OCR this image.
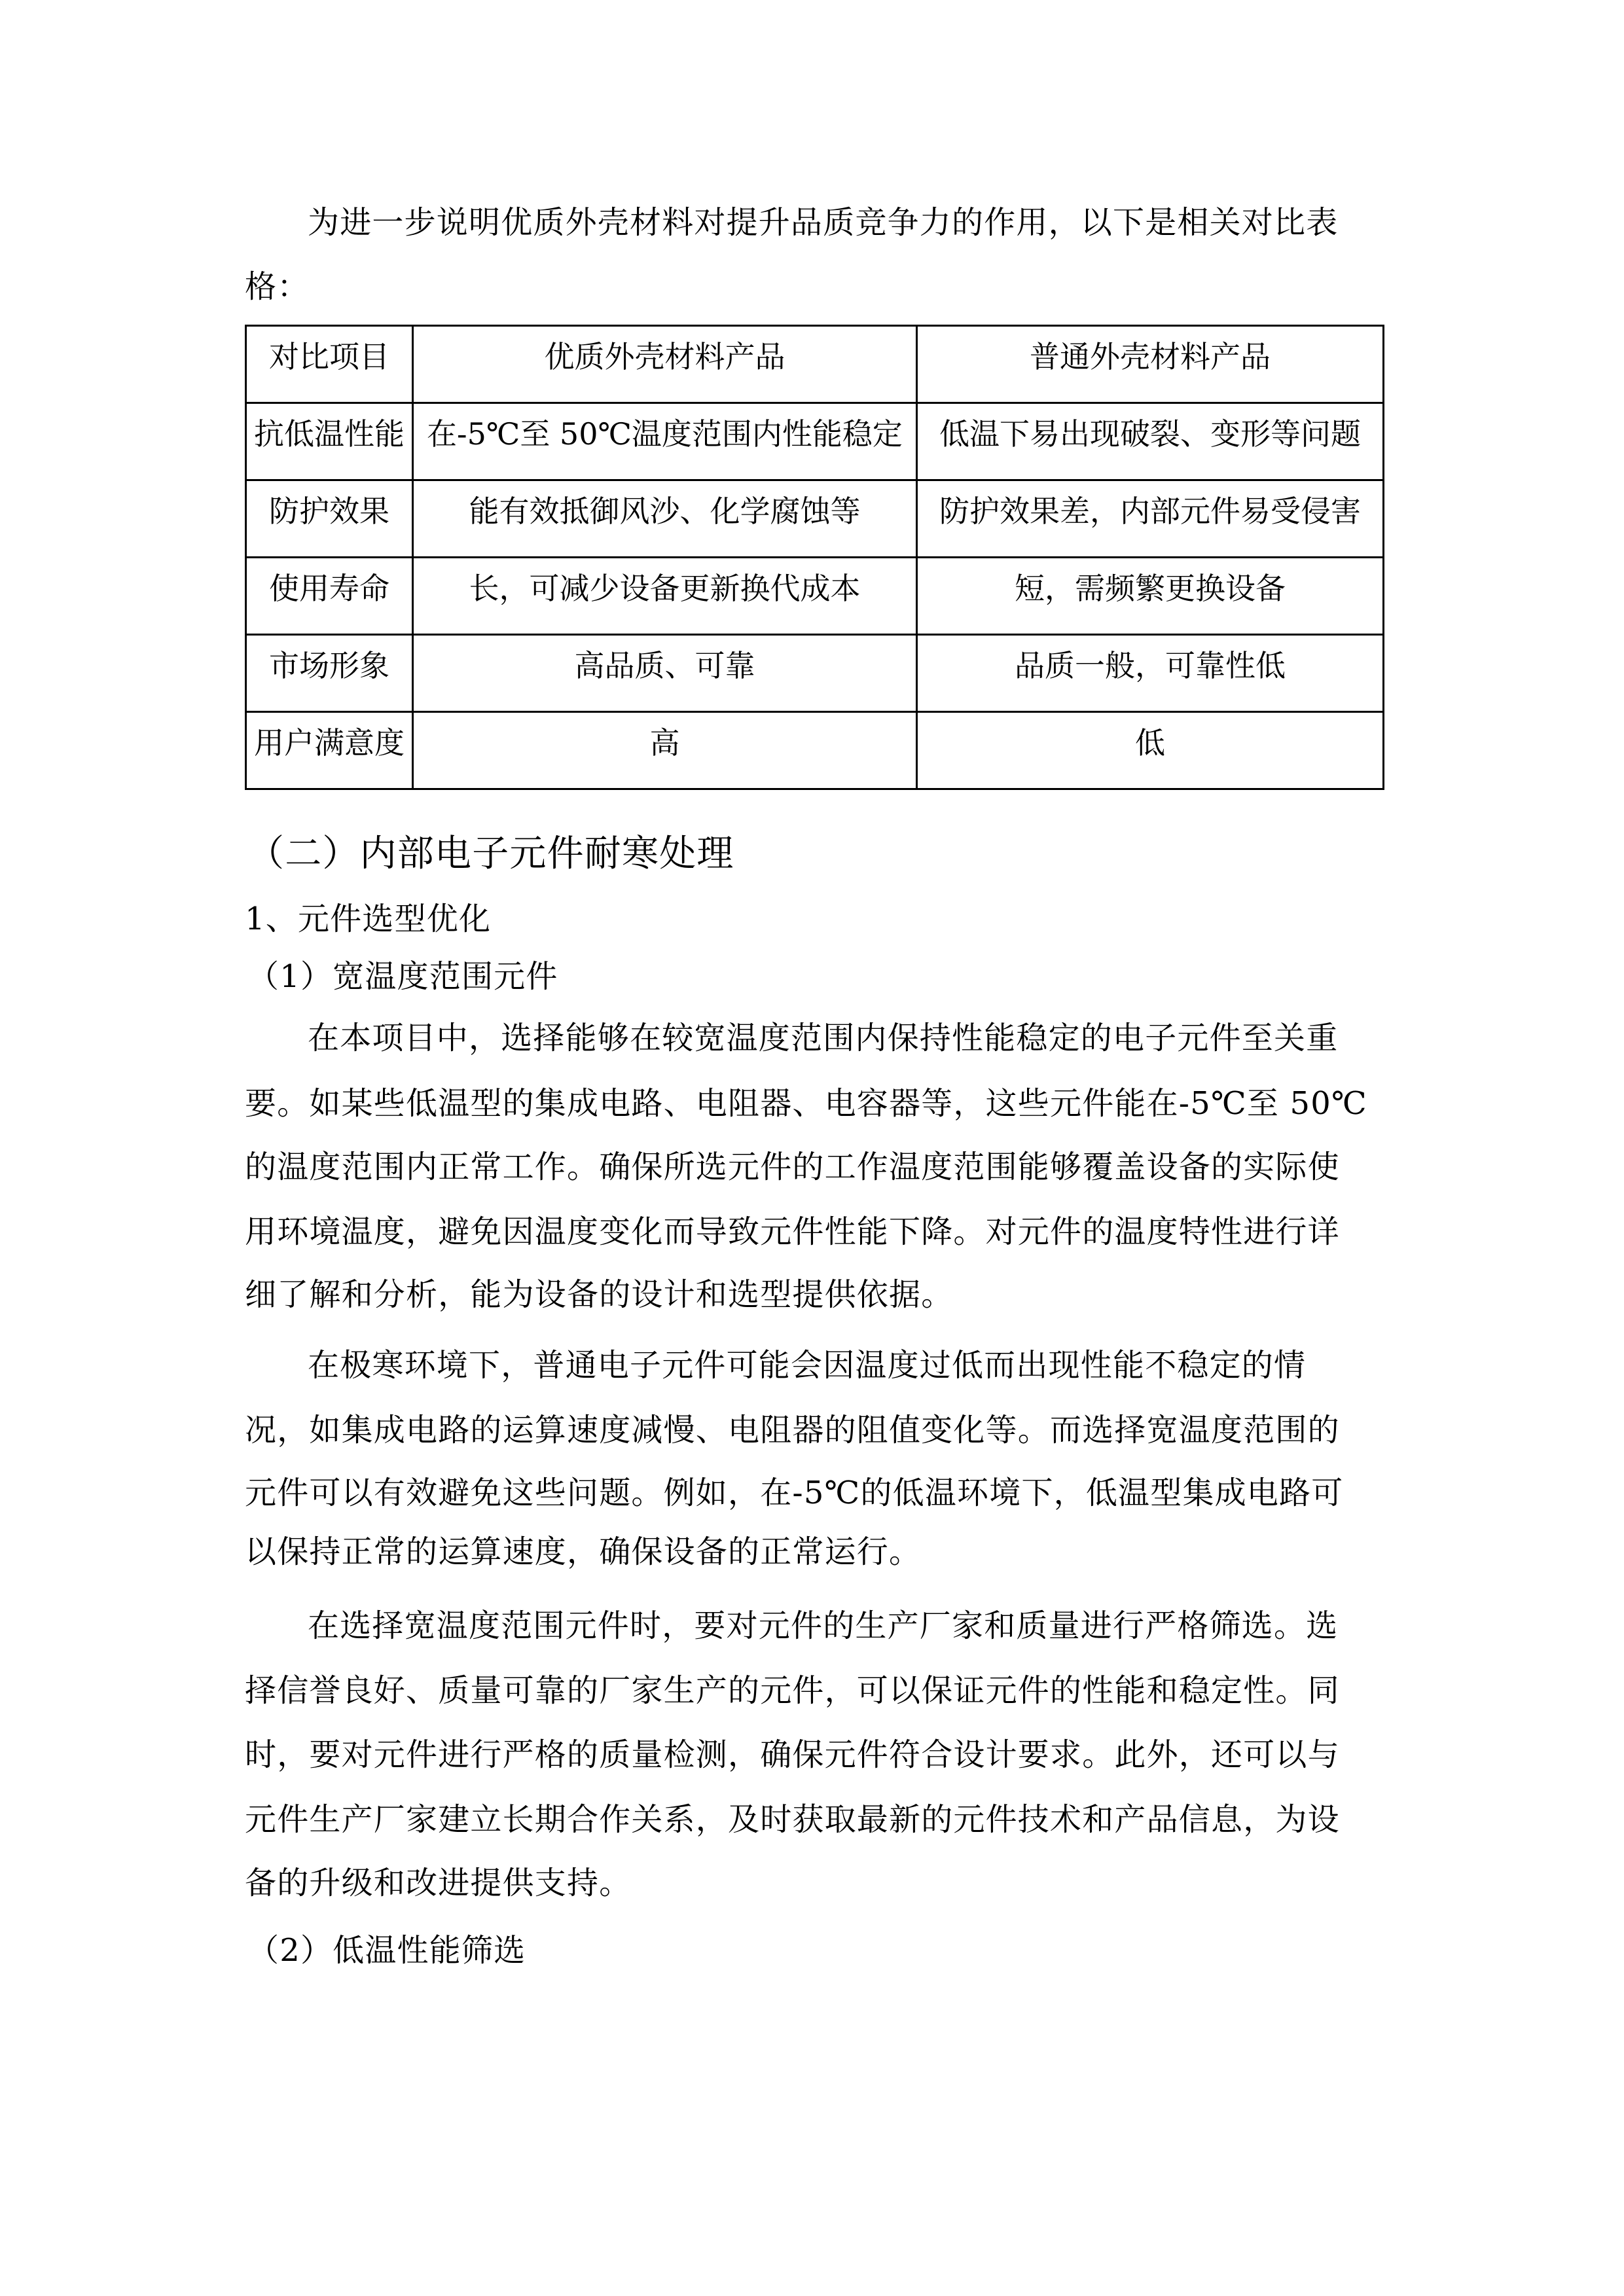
为进一步说明优质外壳材料对提升品质竞争力的作用，以下是相关对比表
格：
对比项目	优质外壳材料产品	普通外壳材料产品
抗低温性能	在-5℃至 50℃温度范围内性能稳定	低温下易出现破裂、变形等问题
防护效果	能有效抵御风沙、化学腐蚀等	防护效果差，内部元件易受侵害
使用寿命	长，可减少设备更新换代成本	短，需频繁更换设备
市场形象	高品质、可靠	品质一般，可靠性低
用户满意度	高	低
（二）内部电子元件耐寒处理
1、元件选型优化
（1）宽温度范围元件
在本项目中，选择能够在较宽温度范围内保持性能稳定的电子元件至关重
要。如某些低温型的集成电路、电阻器、电容器等，这些元件能在-5℃至 50℃
的温度范围内正常工作。确保所选元件的工作温度范围能够覆盖设备的实际使
用环境温度，避免因温度变化而导致元件性能下降。对元件的温度特性进行详
细了解和分析，能为设备的设计和选型提供依据。
在极寒环境下，普通电子元件可能会因温度过低而出现性能不稳定的情
况，如集成电路的运算速度减慢、电阻器的阻值变化等。而选择宽温度范围的
元件可以有效避免这些问题。例如，在-5℃的低温环境下，低温型集成电路可
以保持正常的运算速度，确保设备的正常运行。
在选择宽温度范围元件时，要对元件的生产厂家和质量进行严格筛选。选
择信誉良好、质量可靠的厂家生产的元件，可以保证元件的性能和稳定性。同
时，要对元件进行严格的质量检测，确保元件符合设计要求。此外，还可以与
元件生产厂家建立长期合作关系，及时获取最新的元件技术和产品信息，为设
备的升级和改进提供支持。
（2）低温性能筛选
